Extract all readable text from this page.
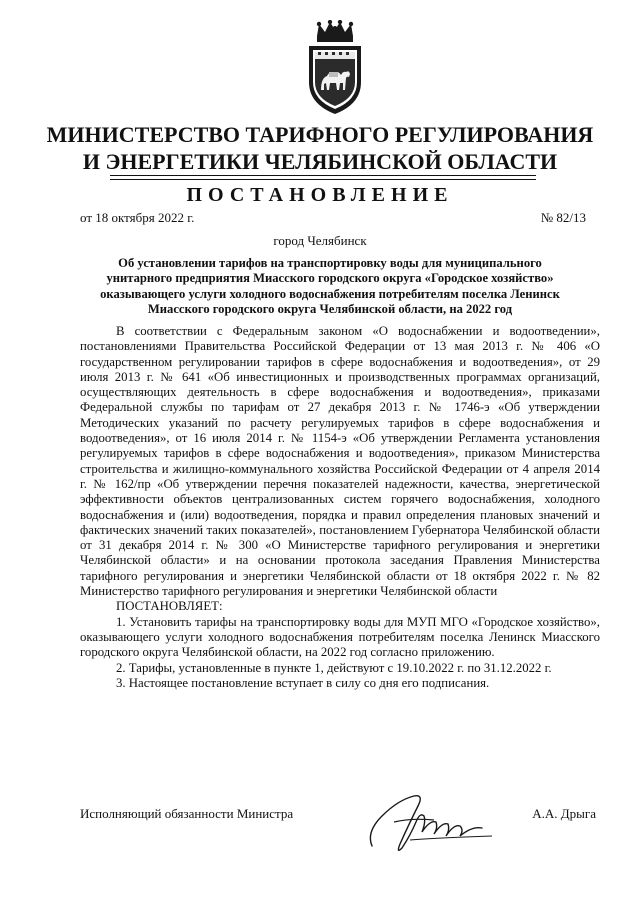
МИНИСТЕРСТВО ТАРИФНОГО РЕГУЛИРОВАНИЯ
И ЭНЕРГЕТИКИ ЧЕЛЯБИНСКОЙ ОБЛАСТИ
ПОСТАНОВЛЕНИЕ
от 18 октября 2022 г.	№ 82/13
город Челябинск
Об установлении тарифов на транспортировку воды для муниципального
унитарного предприятия Миасского городского округа «Городское хозяйство»
оказывающего услуги холодного водоснабжения потребителям поселка Ленинск
Миасского городского округа Челябинской области, на 2022 год

В соответствии с Федеральным законом «О водоснабжении и водоотведении», постановлениями Правительства Российской Федерации от 13 мая 2013 г. № 406 «О государственном регулировании тарифов в сфере водоснабжения и водоотведения», от 29 июля 2013 г. № 641 «Об инвестиционных и производственных программах организаций, осуществляющих деятельность в сфере водоснабжения и водоотведения», приказами Федеральной службы по тарифам от 27 декабря 2013 г. № 1746-э «Об утверждении Методических указаний по расчету регулируемых тарифов в сфере водоснабжения и водоотведения», от 16 июля 2014 г. № 1154-э «Об утверждении Регламента установления регулируемых тарифов в сфере водоснабжения и водоотведения», приказом Министерства строительства и жилищно-коммунального хозяйства Российской Федерации от 4 апреля 2014 г. № 162/пр «Об утверждении перечня показателей надежности, качества, энергетической эффективности объектов централизованных систем горячего водоснабжения, холодного водоснабжения и (или) водоотведения, порядка и правил определения плановых значений и фактических значений таких показателей», постановлением Губернатора Челябинской области от 31 декабря 2014 г. № 300 «О Министерстве тарифного регулирования и энергетики Челябинской области» и на основании протокола заседания Правления Министерства тарифного регулирования и энергетики Челябинской области от 18 октября 2022 г. № 82 Министерство тарифного регулирования и энергетики Челябинской области

ПОСТАНОВЛЯЕТ:

1. Установить тарифы на транспортировку воды для МУП МГО «Городское хозяйство», оказывающего услуги холодного водоснабжения потребителям поселка Ленинск Миасского городского округа Челябинской области, на 2022 год согласно приложению.

2. Тарифы, установленные в пункте 1, действуют с 19.10.2022 г. по 31.12.2022 г.

3. Настоящее постановление вступает в силу со дня его подписания.

Исполняющий обязанности Министра	А.А. Дрыга
